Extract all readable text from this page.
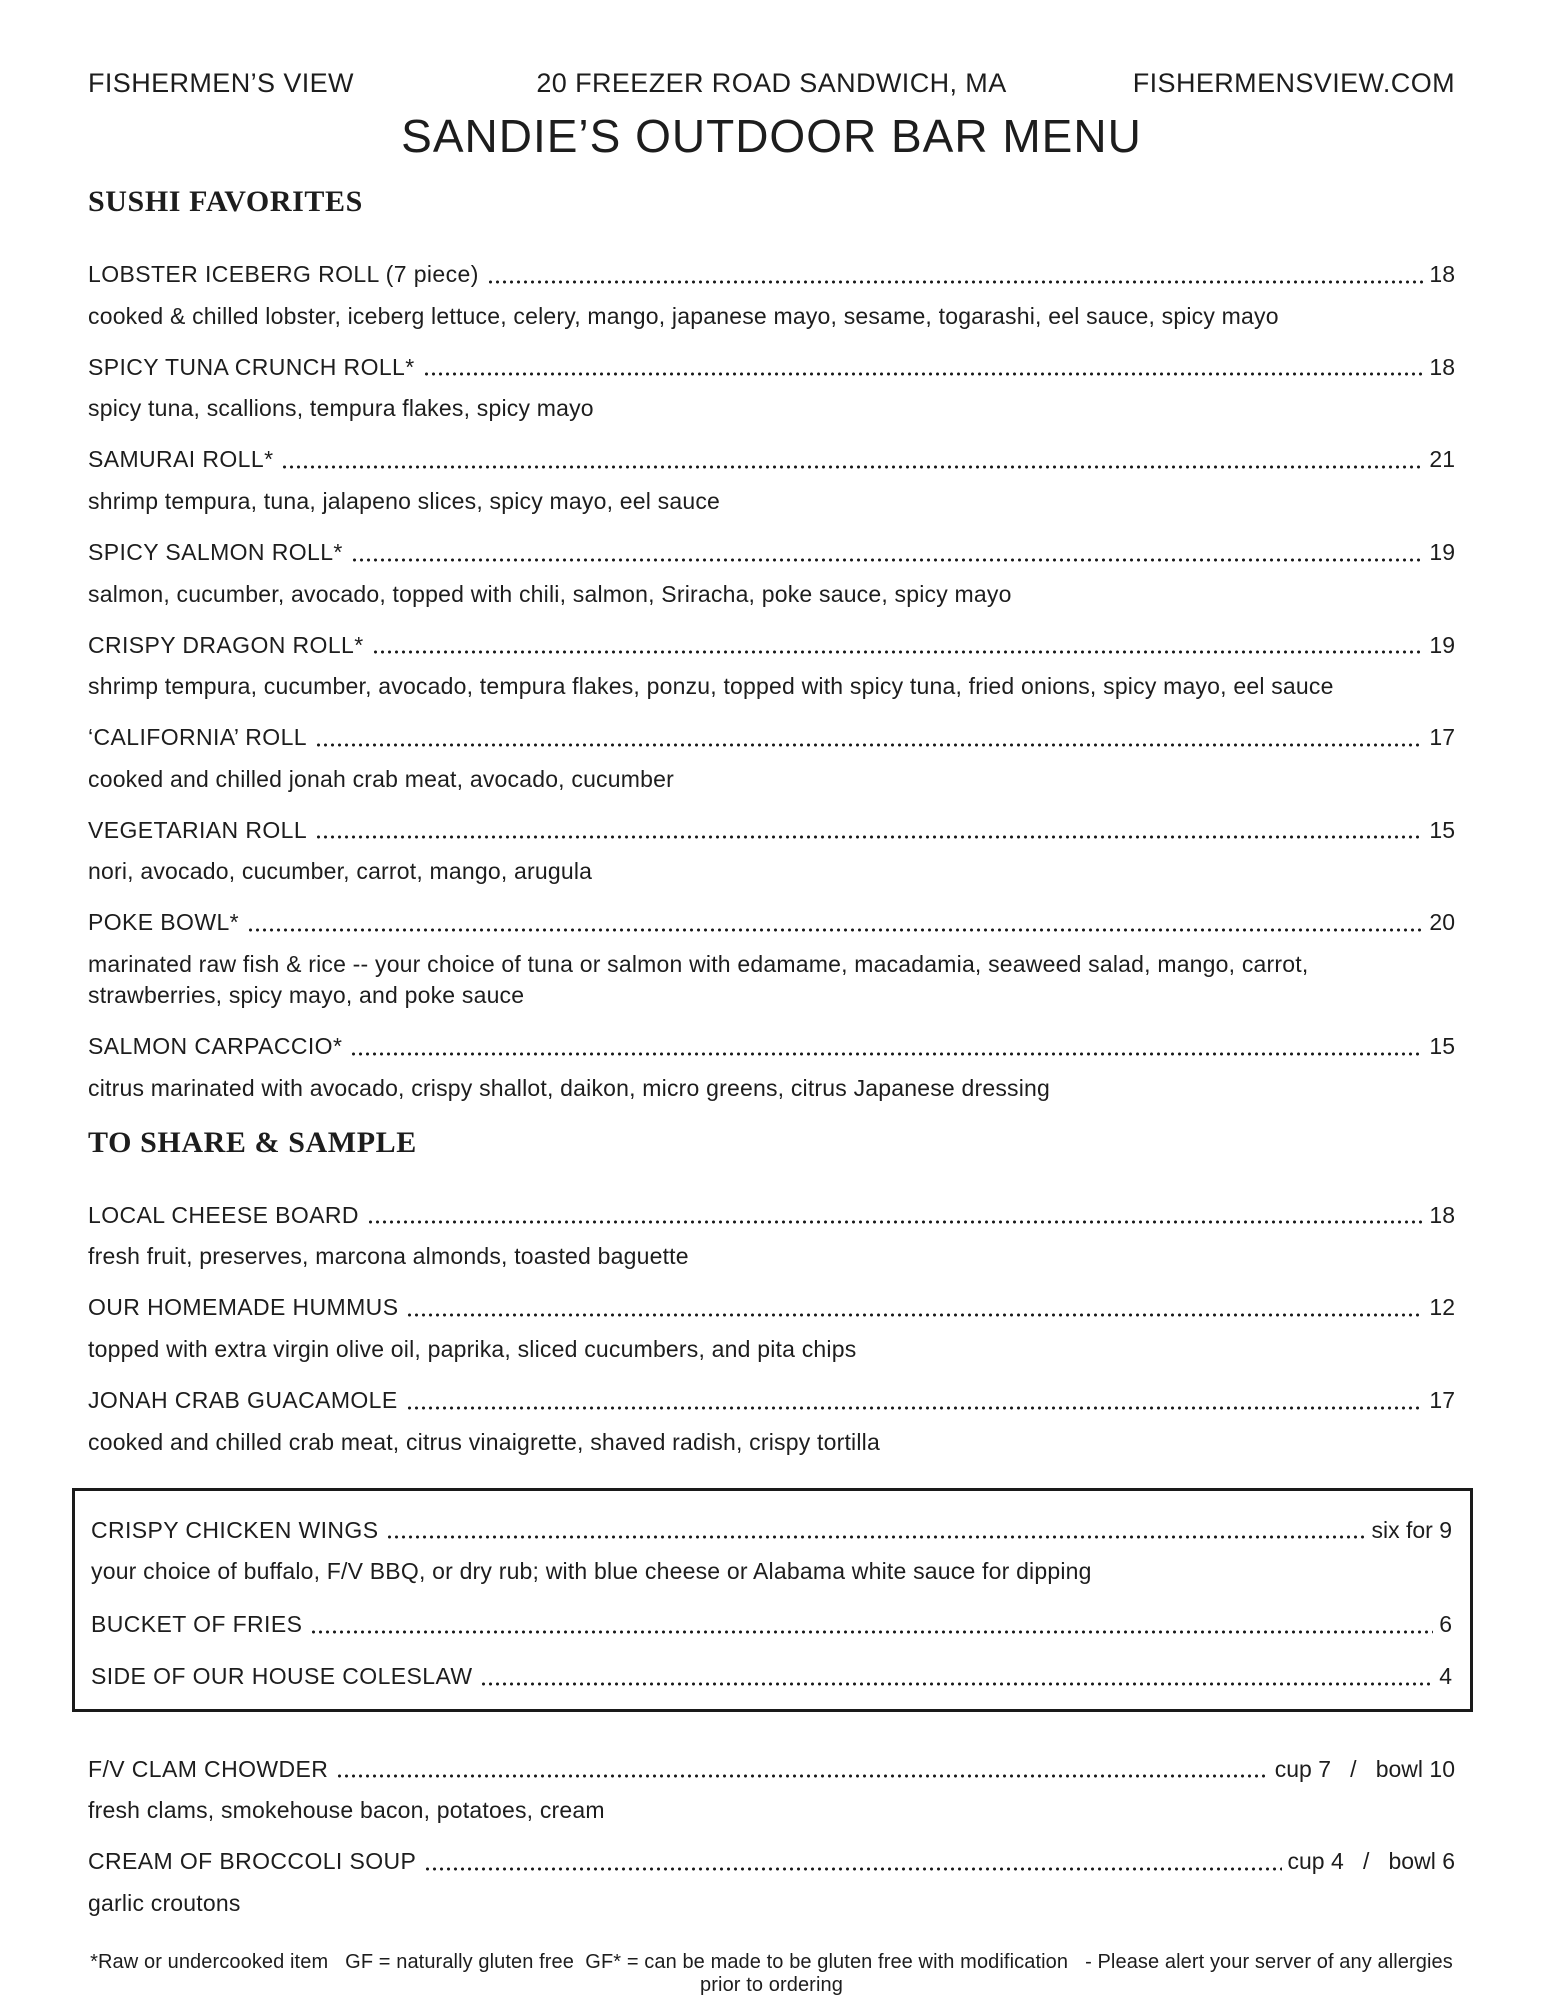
FISHERMEN’S VIEW	20 FREEZER ROAD SANDWICH, MA	FISHERMENSVIEW.COM
SANDIE’S OUTDOOR BAR MENU
SUSHI FAVORITES
LOBSTER ICEBERG ROLL (7 piece)	18
cooked & chilled lobster, iceberg lettuce, celery, mango, japanese mayo, sesame, togarashi, eel sauce, spicy mayo
SPICY TUNA CRUNCH ROLL*	18
spicy tuna, scallions, tempura flakes, spicy mayo
SAMURAI ROLL*	21
shrimp tempura, tuna, jalapeno slices, spicy mayo, eel sauce
SPICY SALMON ROLL*	19
salmon, cucumber, avocado, topped with chili, salmon, Sriracha, poke sauce, spicy mayo
CRISPY DRAGON ROLL*	19
shrimp tempura, cucumber, avocado, tempura flakes, ponzu, topped with spicy tuna, fried onions, spicy mayo, eel sauce
‘CALIFORNIA’ ROLL	17
cooked and chilled jonah crab meat, avocado, cucumber
VEGETARIAN ROLL	15
nori, avocado, cucumber, carrot, mango, arugula
POKE BOWL*	20
marinated raw fish & rice -- your choice of tuna or salmon with edamame, macadamia, seaweed salad, mango, carrot, strawberries, spicy mayo, and poke sauce
SALMON CARPACCIO*	15
citrus marinated with avocado, crispy shallot, daikon, micro greens, citrus Japanese dressing
TO SHARE & SAMPLE
LOCAL CHEESE BOARD	18
fresh fruit, preserves, marcona almonds, toasted baguette
OUR HOMEMADE HUMMUS	12
topped with extra virgin olive oil, paprika, sliced cucumbers, and pita chips
JONAH CRAB GUACAMOLE	17
cooked and chilled crab meat, citrus vinaigrette, shaved radish, crispy tortilla
CRISPY CHICKEN WINGS	six for 9
your choice of buffalo, F/V BBQ, or dry rub; with blue cheese or Alabama white sauce for dipping
BUCKET OF FRIES	6
SIDE OF OUR HOUSE COLESLAW	4
F/V CLAM CHOWDER	cup 7   /   bowl 10
fresh clams, smokehouse bacon, potatoes, cream
CREAM OF BROCCOLI SOUP	cup 4   /   bowl 6
garlic croutons
*Raw or undercooked item   GF = naturally gluten free  GF* = can be made to be gluten free with modification   - Please alert your server of any allergies prior to ordering
